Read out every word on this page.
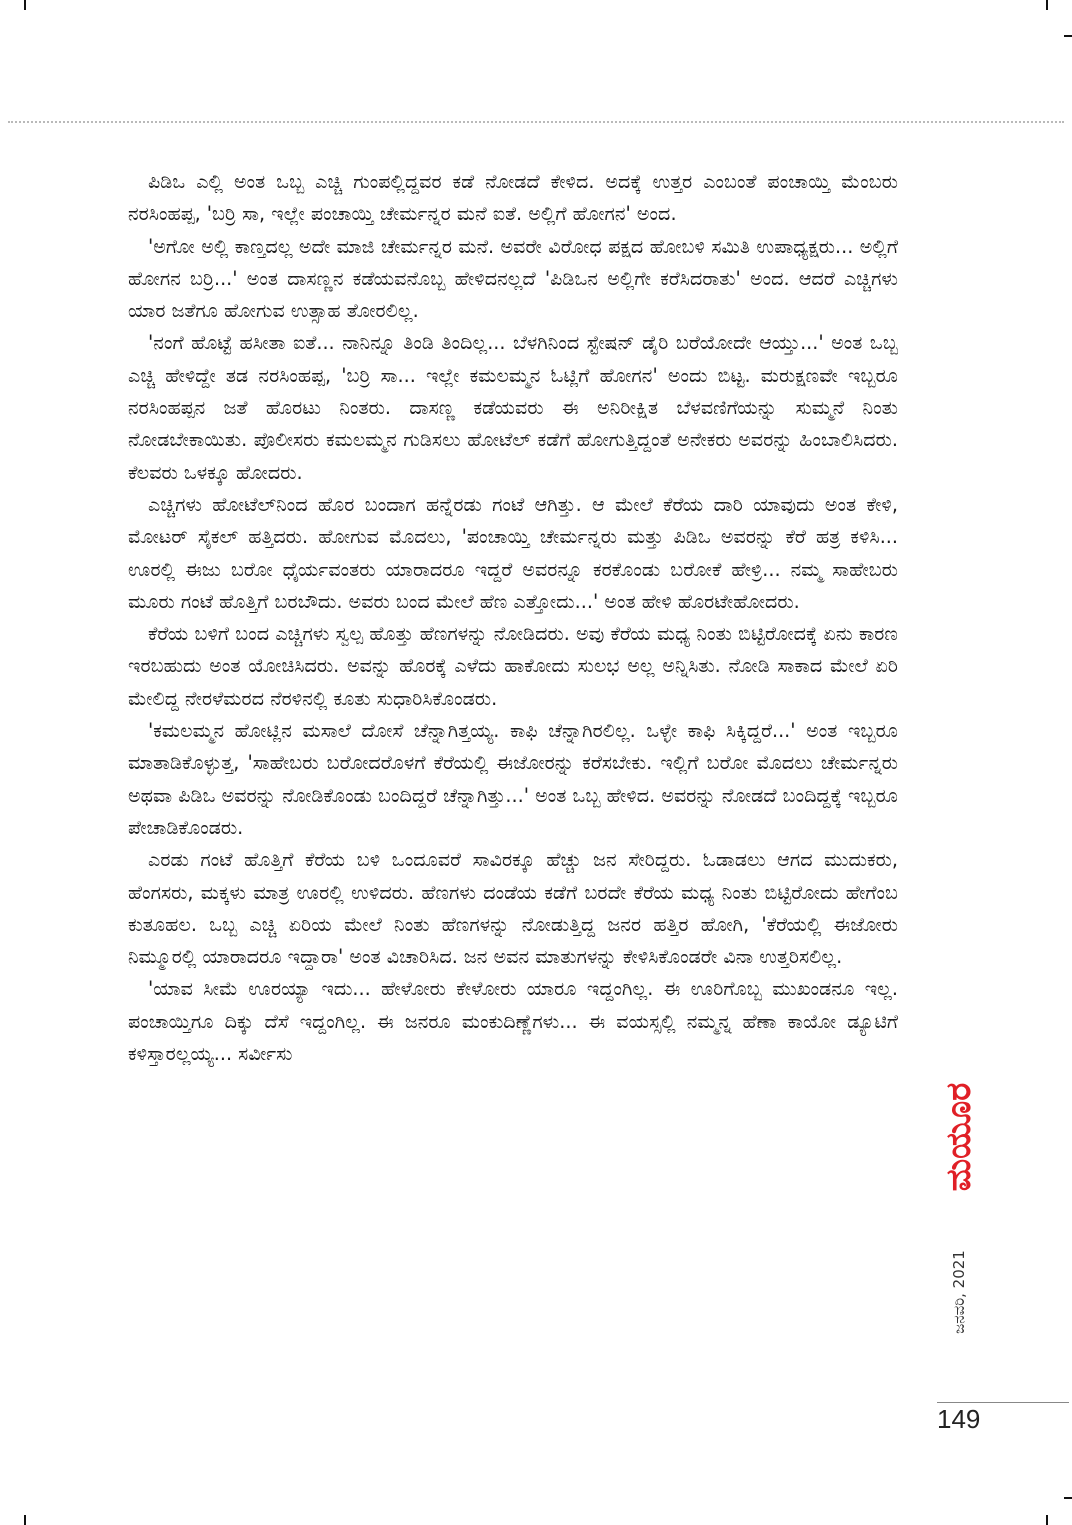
ಪಿಡಿಒ ಎಲ್ಲಿ ಅಂತ ಒಬ್ಬ ಎಚ್ಚಿ ಗುಂಪಲ್ಲಿದ್ದವರ ಕಡೆ ನೋಡದೆ ಕೇಳಿದ. ಅದಕ್ಕೆ ಉತ್ತರ ಎಂಬಂತೆ ಪಂಚಾಯ್ತಿ ಮೆಂಬರು ನರಸಿಂಹಪ್ಪ, 'ಬರ್ರಿ ಸಾ, ಇಲ್ಲೇ ಪಂಚಾಯ್ತಿ ಚೇರ್ಮನ್ನರ ಮನೆ ಐತೆ. ಅಲ್ಲಿಗೆ ಹೋಗನ' ಅಂದ.

'ಅಗೋ ಅಲ್ಲಿ ಕಾಣ್ತದಲ್ಲ ಅದೇ ಮಾಜಿ ಚೇರ್ಮನ್ನರ ಮನೆ. ಅವರೇ ವಿರೋಧ ಪಕ್ಷದ ಹೋಬಳಿ ಸಮಿತಿ ಉಪಾಧ್ಯಕ್ಷರು... ಅಲ್ಲಿಗೆ ಹೋಗನ ಬರ್ರಿ...' ಅಂತ ದಾಸಣ್ಣನ ಕಡೆಯವನೊಬ್ಬ ಹೇಳಿದನಲ್ಲದೆ 'ಪಿಡಿಒನ ಅಲ್ಲಿಗೇ ಕರೆಸಿದರಾತು' ಅಂದ. ಆದರೆ ಎಚ್ಚಿಗಳು ಯಾರ ಜತೆಗೂ ಹೋಗುವ ಉತ್ಸಾಹ ತೋರಲಿಲ್ಲ.

'ನಂಗೆ ಹೊಟ್ಟೆ ಹಸೀತಾ ಐತೆ... ನಾನಿನ್ನೂ ತಿಂಡಿ ತಿಂದಿಲ್ಲ... ಬೆಳಗಿನಿಂದ ಸ್ಟೇಷನ್ ಡೈರಿ ಬರೆಯೋದೇ ಆಯ್ತು...' ಅಂತ ಒಬ್ಬ ಎಚ್ಚಿ ಹೇಳಿದ್ದೇ ತಡ ನರಸಿಂಹಪ್ಪ, 'ಬರ್ರಿ ಸಾ... ಇಲ್ಲೇ ಕಮಲಮ್ಮನ ಓಟ್ಲಿಗೆ ಹೋಗನ' ಅಂದು ಬಿಟ್ಟ. ಮರುಕ್ಷಣವೇ ಇಬ್ಬರೂ ನರಸಿಂಹಪ್ಪನ ಜತೆ ಹೊರಟು ನಿಂತರು. ದಾಸಣ್ಣ ಕಡೆಯವರು ಈ ಅನಿರೀಕ್ಷಿತ ಬೆಳವಣಿಗೆಯನ್ನು ಸುಮ್ಮನೆ ನಿಂತು ನೋಡಬೇಕಾಯಿತು. ಪೊಲೀಸರು ಕಮಲಮ್ಮನ ಗುಡಿಸಲು ಹೋಟೆಲ್ ಕಡೆಗೆ ಹೋಗುತ್ತಿದ್ದಂತೆ ಅನೇಕರು ಅವರನ್ನು ಹಿಂಬಾಲಿಸಿದರು. ಕೆಲವರು ಒಳಕ್ಕೂ ಹೋದರು.

ಎಚ್ಚಿಗಳು ಹೋಟೆಲ್‌ನಿಂದ ಹೊರ ಬಂದಾಗ ಹನ್ನೆರಡು ಗಂಟೆ ಆಗಿತ್ತು. ಆ ಮೇಲೆ ಕೆರೆಯ ದಾರಿ ಯಾವುದು ಅಂತ ಕೇಳಿ, ಮೋಟರ್ ಸೈಕಲ್ ಹತ್ತಿದರು. ಹೋಗುವ ಮೊದಲು, 'ಪಂಚಾಯ್ತಿ ಚೇರ್ಮನ್ನರು ಮತ್ತು ಪಿಡಿಒ ಅವರನ್ನು ಕೆರೆ ಹತ್ರ ಕಳಿಸಿ... ಊರಲ್ಲಿ ಈಜು ಬರೋ ಧೈರ್ಯವಂತರು ಯಾರಾದರೂ ಇದ್ದರೆ ಅವರನ್ನೂ ಕರಕೊಂಡು ಬರೋಕೆ ಹೇಳ್ರಿ... ನಮ್ಮ ಸಾಹೇಬರು ಮೂರು ಗಂಟೆ ಹೊತ್ತಿಗೆ ಬರಬೌದು. ಅವರು ಬಂದ ಮೇಲೆ ಹೆಣ ಎತ್ತೋದು...' ಅಂತ ಹೇಳಿ ಹೊರಟೇಹೋದರು.

ಕೆರೆಯ ಬಳಿಗೆ ಬಂದ ಎಚ್ಚಿಗಳು ಸ್ವಲ್ಪ ಹೊತ್ತು ಹೆಣಗಳನ್ನು ನೋಡಿದರು. ಅವು ಕೆರೆಯ ಮಧ್ಯ ನಿಂತು ಬಿಟ್ಟಿರೋದಕ್ಕೆ ಏನು ಕಾರಣ ಇರಬಹುದು ಅಂತ ಯೋಚಿಸಿದರು. ಅವನ್ನು ಹೊರಕ್ಕೆ ಎಳೆದು ಹಾಕೋದು ಸುಲಭ ಅಲ್ಲ ಅನ್ನಿಸಿತು. ನೋಡಿ ಸಾಕಾದ ಮೇಲೆ ಏರಿ ಮೇಲಿದ್ದ ನೇರಳೆಮರದ ನೆರಳಿನಲ್ಲಿ ಕೂತು ಸುಧಾರಿಸಿಕೊಂಡರು.

'ಕಮಲಮ್ಮನ ಹೋಟ್ಲಿನ ಮಸಾಲೆ ದೋಸೆ ಚೆನ್ನಾಗಿತ್ತಯ್ಯ. ಕಾಫಿ ಚೆನ್ನಾಗಿರಲಿಲ್ಲ. ಒಳ್ಳೇ ಕಾಫಿ ಸಿಕ್ಕಿದ್ದರೆ...' ಅಂತ ಇಬ್ಬರೂ ಮಾತಾಡಿಕೊಳ್ಳುತ್ತ, 'ಸಾಹೇಬರು ಬರೋದರೊಳಗೆ ಕೆರೆಯಲ್ಲಿ ಈಜೋರನ್ನು ಕರೆಸಬೇಕು. ಇಲ್ಲಿಗೆ ಬರೋ ಮೊದಲು ಚೇರ್ಮನ್ನರು ಅಥವಾ ಪಿಡಿಒ ಅವರನ್ನು ನೋಡಿಕೊಂಡು ಬಂದಿದ್ದರೆ ಚೆನ್ನಾಗಿತ್ತು...' ಅಂತ ಒಬ್ಬ ಹೇಳಿದ. ಅವರನ್ನು ನೋಡದೆ ಬಂದಿದ್ದಕ್ಕೆ ಇಬ್ಬರೂ ಪೇಚಾಡಿಕೊಂಡರು.

ಎರಡು ಗಂಟೆ ಹೊತ್ತಿಗೆ ಕೆರೆಯ ಬಳಿ ಒಂದೂವರೆ ಸಾವಿರಕ್ಕೂ ಹೆಚ್ಚು ಜನ ಸೇರಿದ್ದರು. ಓಡಾಡಲು ಆಗದ ಮುದುಕರು, ಹೆಂಗಸರು, ಮಕ್ಕಳು ಮಾತ್ರ ಊರಲ್ಲಿ ಉಳಿದರು. ಹೆಣಗಳು ದಂಡೆಯ ಕಡೆಗೆ ಬರದೇ ಕೆರೆಯ ಮಧ್ಯ ನಿಂತು ಬಿಟ್ಟಿರೋದು ಹೇಗೆಂಬ ಕುತೂಹಲ. ಒಬ್ಬ ಎಚ್ಚಿ ಏರಿಯ ಮೇಲೆ ನಿಂತು ಹೆಣಗಳನ್ನು ನೋಡುತ್ತಿದ್ದ ಜನರ ಹತ್ತಿರ ಹೋಗಿ, 'ಕೆರೆಯಲ್ಲಿ ಈಜೋರು ನಿಮ್ಮೂರಲ್ಲಿ ಯಾರಾದರೂ ಇದ್ದಾರಾ' ಅಂತ ವಿಚಾರಿಸಿದ. ಜನ ಅವನ ಮಾತುಗಳನ್ನು ಕೇಳಿಸಿಕೊಂಡರೇ ವಿನಾ ಉತ್ತರಿಸಲಿಲ್ಲ.

'ಯಾವ ಸೀಮೆ ಊರಯ್ಯಾ ಇದು... ಹೇಳೋರು ಕೇಳೋರು ಯಾರೂ ಇದ್ದಂಗಿಲ್ಲ. ಈ ಊರಿಗೊಬ್ಬ ಮುಖಂಡನೂ ಇಲ್ಲ. ಪಂಚಾಯ್ತಿಗೂ ದಿಕ್ಕು ದೆಸೆ ಇದ್ದಂಗಿಲ್ಲ. ಈ ಜನರೂ ಮಂಕುದಿಣ್ಣೆಗಳು... ಈ ವಯಸ್ಸಲ್ಲಿ ನಮ್ಮನ್ನ ಹೆಣಾ ಕಾಯೋ ಡ್ಯೂಟಿಗೆ ಕಳಿಸ್ತಾರಲ್ಲಯ್ಯ... ಸರ್ವೀಸು

ಮಯೂರ
ಜನವರಿ, 2021
149
